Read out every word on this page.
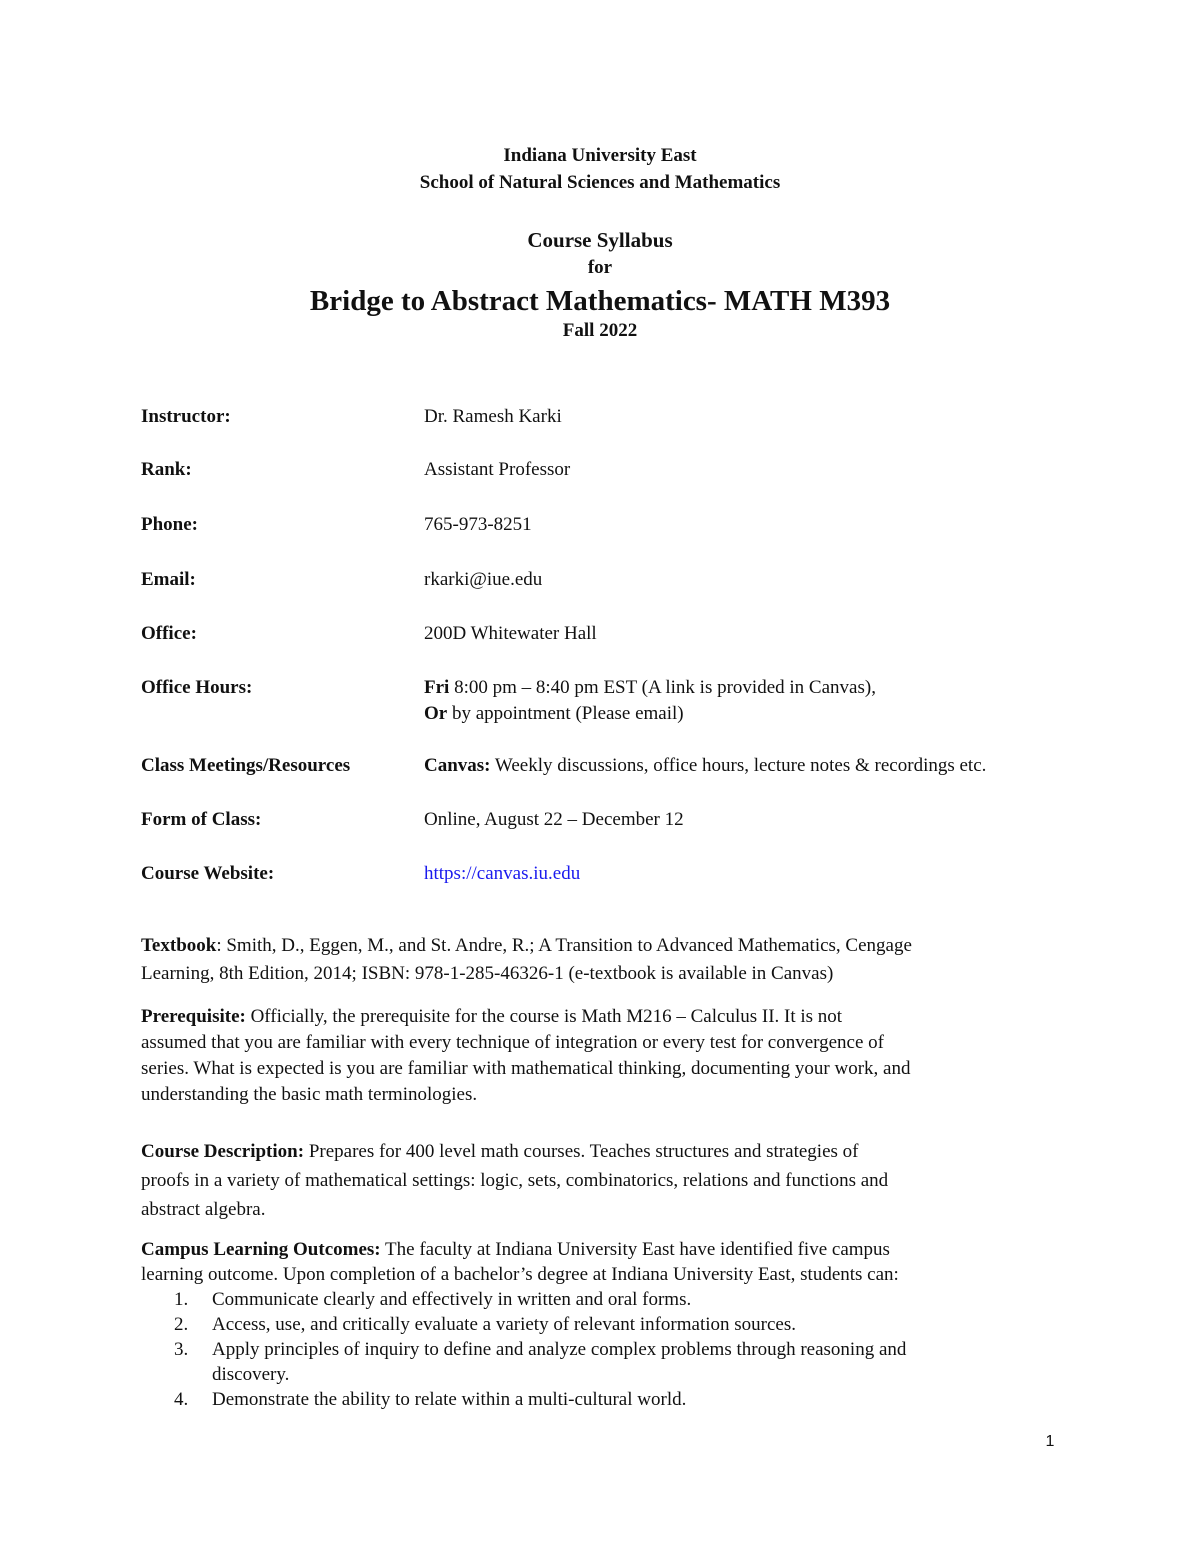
Indiana University East
School of Natural Sciences and Mathematics
Course Syllabus
for
Bridge to Abstract Mathematics- MATH M393
Fall 2022
Instructor:	Dr. Ramesh Karki
Rank:	Assistant Professor
Phone:	765-973-8251
Email:	rkarki@iue.edu
Office:	200D Whitewater Hall
Office Hours:	Fri 8:00 pm – 8:40 pm EST (A link is provided in Canvas),
Or by appointment (Please email)
Class Meetings/Resources	Canvas: Weekly discussions, office hours, lecture notes & recordings etc.
Form of Class:	Online, August 22 – December 12
Course Website:	https://canvas.iu.edu
Textbook: Smith, D., Eggen, M., and St. Andre, R.; A Transition to Advanced Mathematics, Cengage
Learning, 8th Edition, 2014; ISBN: 978-1-285-46326-1 (e-textbook is available in Canvas)
Prerequisite: Officially, the prerequisite for the course is Math M216 – Calculus II. It is not
assumed that you are familiar with every technique of integration or every test for convergence of
series. What is expected is you are familiar with mathematical thinking, documenting your work, and
understanding the basic math terminologies.
Course Description: Prepares for 400 level math courses. Teaches structures and strategies of
proofs in a variety of mathematical settings: logic, sets, combinatorics, relations and functions and
abstract algebra.
Campus Learning Outcomes: The faculty at Indiana University East have identified five campus
learning outcome. Upon completion of a bachelor’s degree at Indiana University East, students can:
1. Communicate clearly and effectively in written and oral forms.
2. Access, use, and critically evaluate a variety of relevant information sources.
3. Apply principles of inquiry to define and analyze complex problems through reasoning and
discovery.
4. Demonstrate the ability to relate within a multi-cultural world.
1
